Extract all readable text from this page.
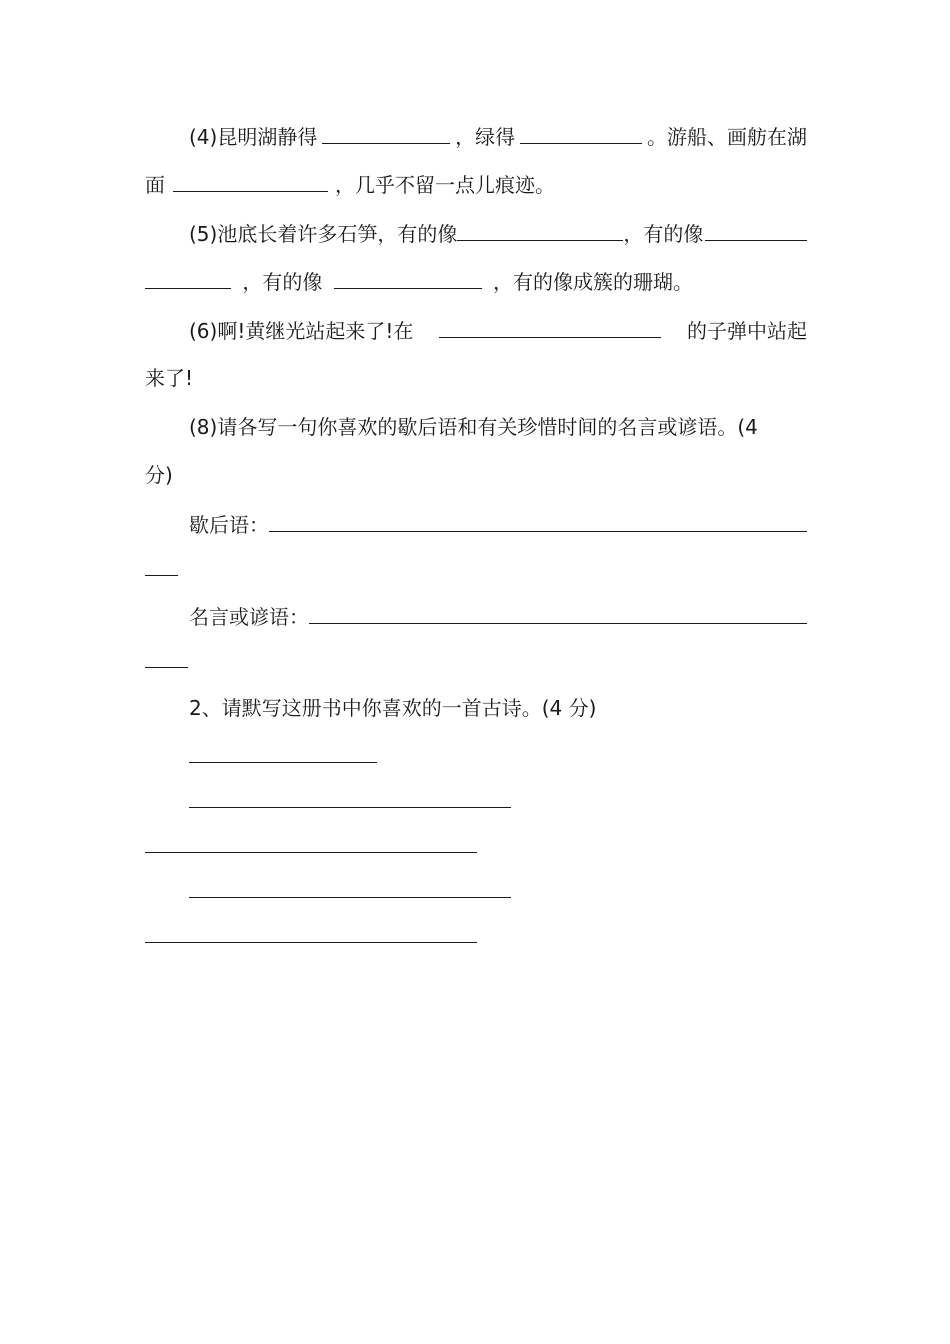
(4)昆明湖静得	，绿得	。游船、画舫在湖
面	，几乎不留一点儿痕迹。
(5)池底长着许多石笋，有的像	，有的像
，有的像	，有的像成簇的珊瑚。
(6)啊!黄继光站起来了!在	的子弹中站起
来了!
(8)请各写一句你喜欢的歇后语和有关珍惜时间的名言或谚语。(4
分)
歇后语：
名言或谚语：
2、请默写这册书中你喜欢的一首古诗。(4 分)
